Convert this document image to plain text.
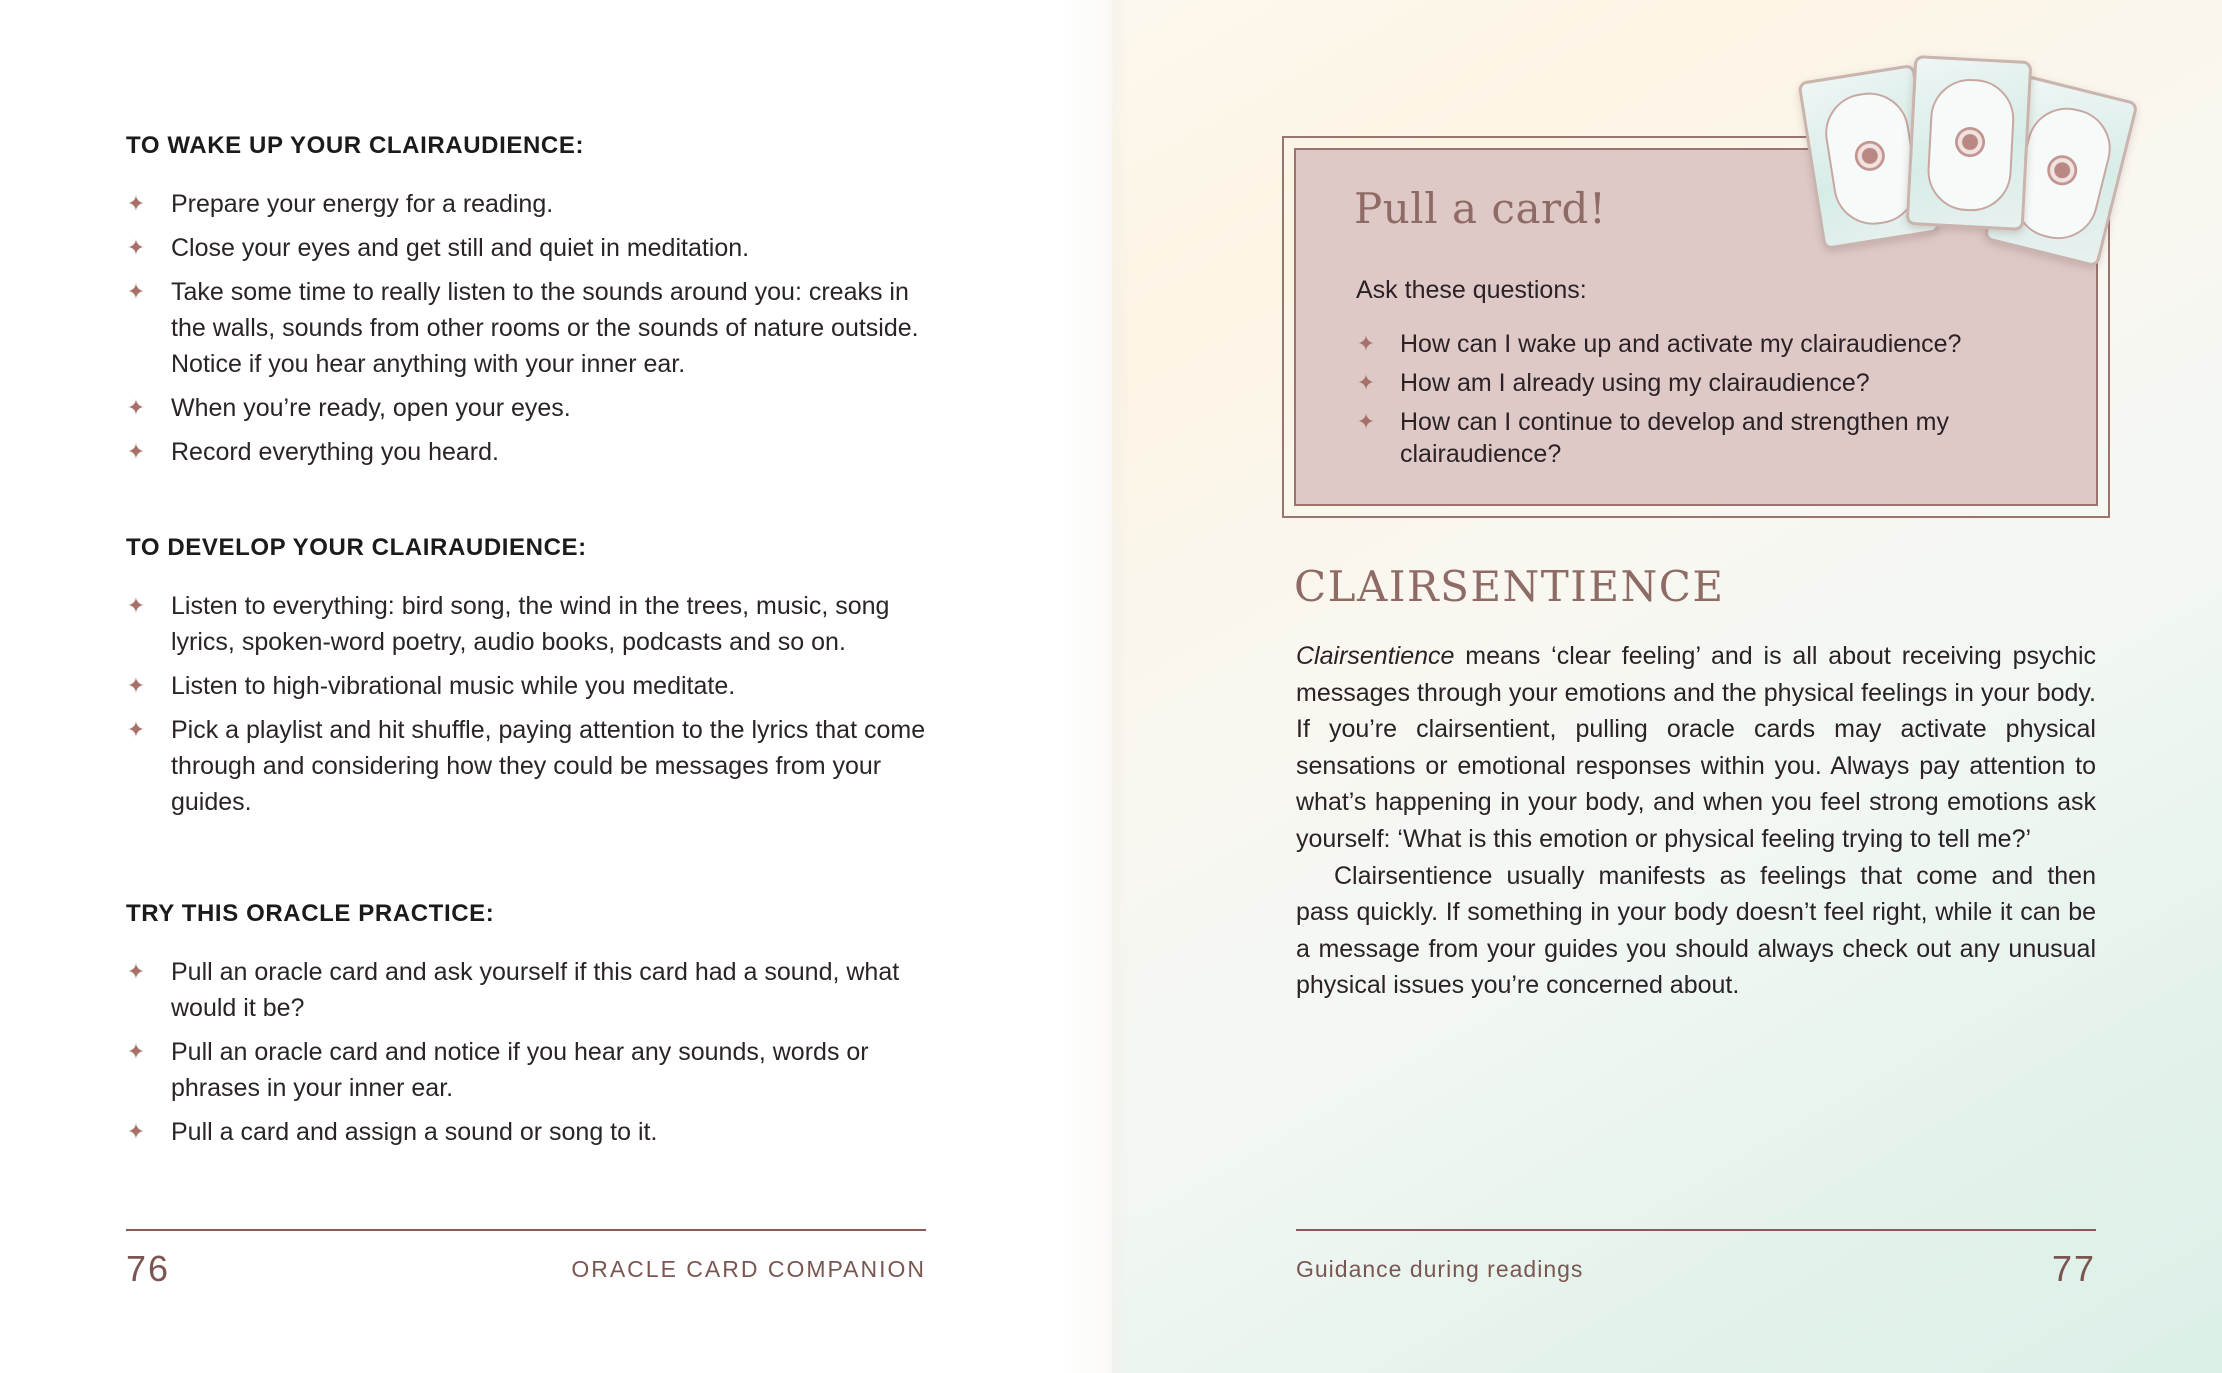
TO WAKE UP YOUR CLAIRAUDIENCE:
✦ Prepare your energy for a reading.
✦ Close your eyes and get still and quiet in meditation.
✦ Take some time to really listen to the sounds around you: creaks in the walls, sounds from other rooms or the sounds of nature outside. Notice if you hear anything with your inner ear.
✦ When you’re ready, open your eyes.
✦ Record everything you heard.
TO DEVELOP YOUR CLAIRAUDIENCE:
✦ Listen to everything: bird song, the wind in the trees, music, song lyrics, spoken-word poetry, audio books, podcasts and so on.
✦ Listen to high-vibrational music while you meditate.
✦ Pick a playlist and hit shuffle, paying attention to the lyrics that come through and considering how they could be messages from your guides.
TRY THIS ORACLE PRACTICE:
✦ Pull an oracle card and ask yourself if this card had a sound, what would it be?
✦ Pull an oracle card and notice if you hear any sounds, words or phrases in your inner ear.
✦ Pull a card and assign a sound or song to it.
76	ORACLE CARD COMPANION
Pull a card!
Ask these questions:
✦ How can I wake up and activate my clairaudience?
✦ How am I already using my clairaudience?
✦ How can I continue to develop and strengthen my clairaudience?
CLAIRSENTIENCE

Clairsentience means ‘clear feeling’ and is all about receiving psychic messages through your emotions and the physical feelings in your body. If you’re clairsentient, pulling oracle cards may activate physical sensations or emotional responses within you. Always pay attention to what’s happening in your body, and when you feel strong emotions ask yourself: ‘What is this emotion or physical feeling trying to tell me?’

Clairsentience usually manifests as feelings that come and then pass quickly. If something in your body doesn’t feel right, while it can be a message from your guides you should always check out any unusual physical issues you’re concerned about.

Guidance during readings	77
